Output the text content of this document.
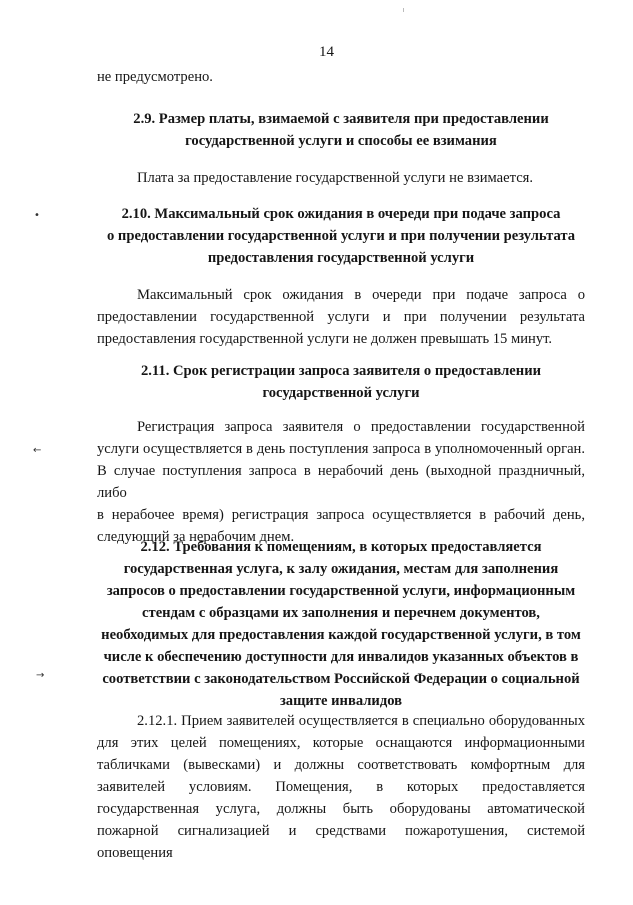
•
←
→
14

не предусмотрено.

2.9. Размер платы, взимаемой с заявителя при предоставлении
государственной услуги и способы ее взимания

Плата за предоставление государственной услуги не взимается.

2.10. Максимальный срок ожидания в очереди при подаче запроса
о предоставлении государственной услуги и при получении результата
предоставления государственной услуги
Максимальный срок ожидания в очереди при подаче запроса о
предоставлении государственной услуги и при получении результата
предоставления государственной услуги не должен превышать 15 минут.
2.11. Срок регистрации запроса заявителя о предоставлении
государственной услуги
Регистрация запроса заявителя о предоставлении государственной
услуги осуществляется в день поступления запроса в уполномоченный орган.
В случае поступления запроса в нерабочий день (выходной праздничный, либо
в нерабочее время) регистрация запроса осуществляется в рабочий день,
следующий за нерабочим днем.
2.12. Требования к помещениям, в которых предоставляется
государственная услуга, к залу ожидания, местам для заполнения
запросов о предоставлении государственной услуги, информационным
стендам с образцами их заполнения и перечнем документов,
необходимых для предоставления каждой государственной услуги, в том
числе к обеспечению доступности для инвалидов указанных объектов в
соответствии с законодательством Российской Федерации о социальной
защите инвалидов
2.12.1. Прием заявителей осуществляется в специально оборудованных
для этих целей помещениях, которые оснащаются информационными
табличками (вывесками) и должны соответствовать комфортным для
заявителей условиям. Помещения, в которых предоставляется
государственная услуга, должны быть оборудованы автоматической
пожарной сигнализацией и средствами пожаротушения, системой оповещения
